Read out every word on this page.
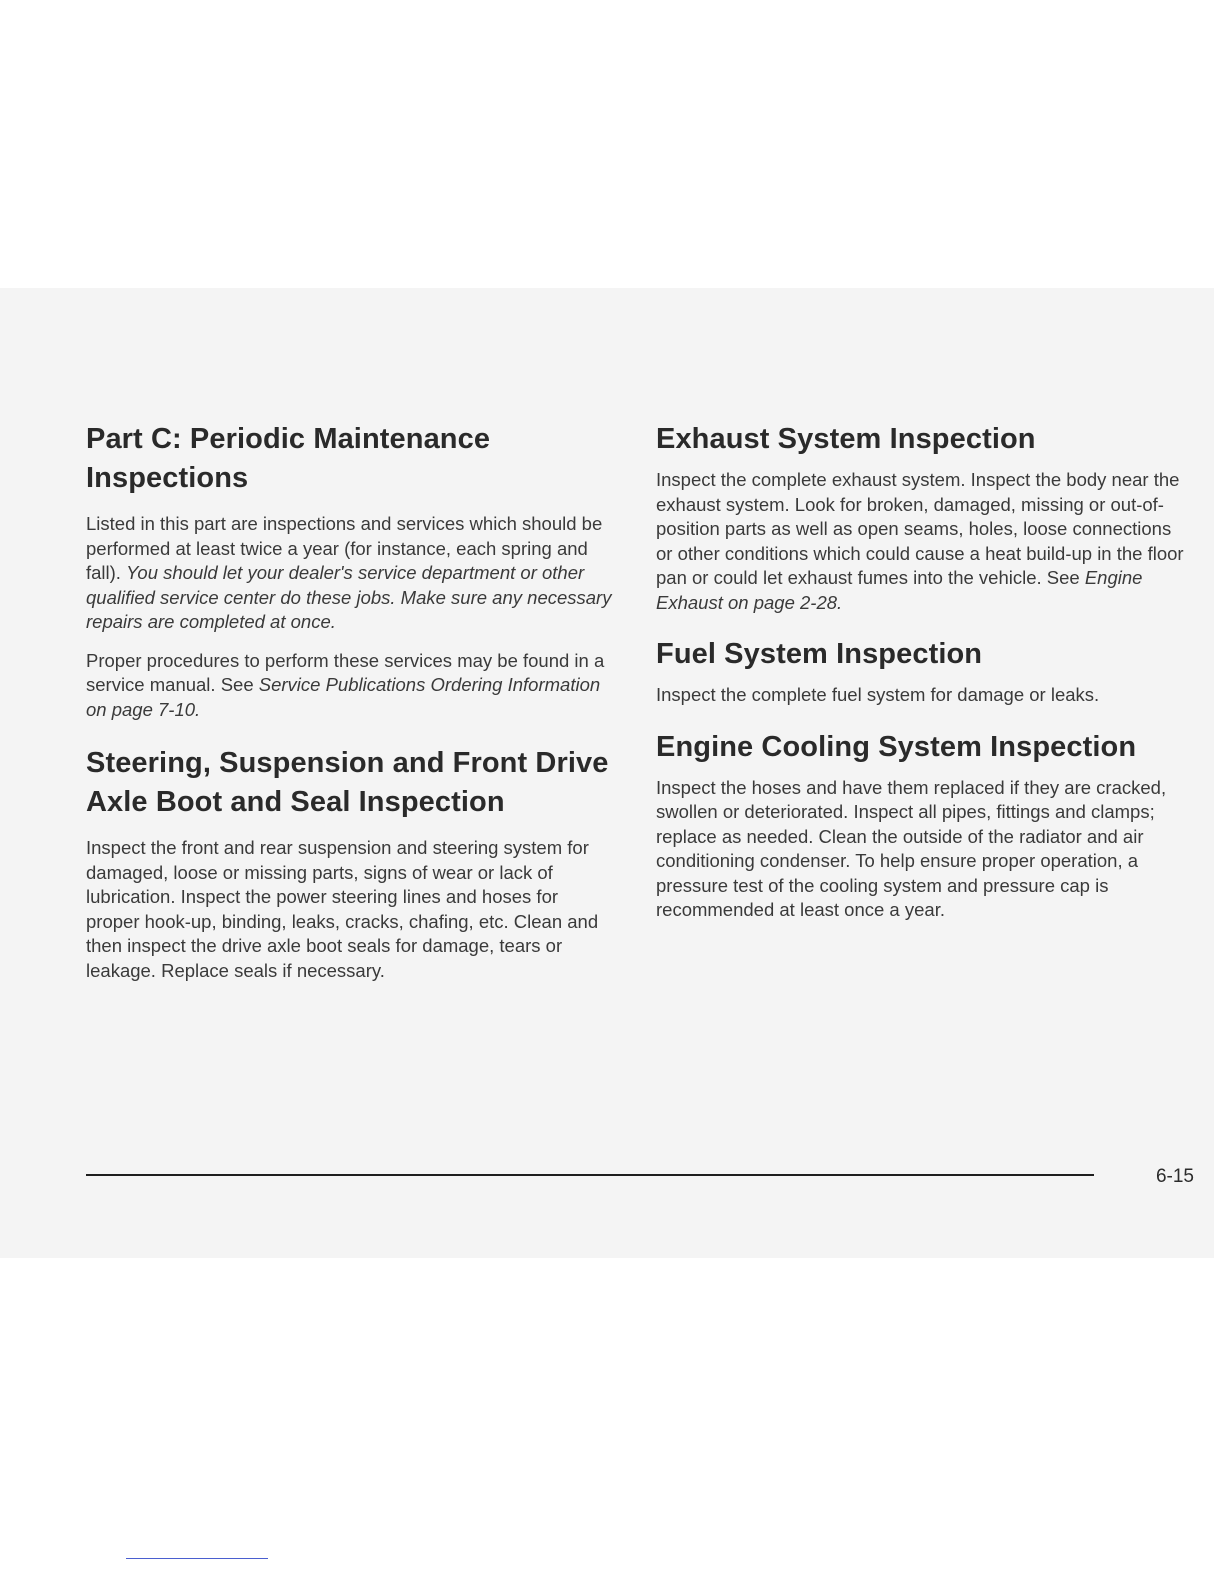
Part C: Periodic Maintenance Inspections

Listed in this part are inspections and services which should be performed at least twice a year (for instance, each spring and fall). You should let your dealer's service department or other qualified service center do these jobs. Make sure any necessary repairs are completed at once.

Proper procedures to perform these services may be found in a service manual. See Service Publications Ordering Information on page 7-10.

Steering, Suspension and Front Drive Axle Boot and Seal Inspection

Inspect the front and rear suspension and steering system for damaged, loose or missing parts, signs of wear or lack of lubrication. Inspect the power steering lines and hoses for proper hook-up, binding, leaks, cracks, chafing, etc. Clean and then inspect the drive axle boot seals for damage, tears or leakage. Replace seals if necessary.

Exhaust System Inspection

Inspect the complete exhaust system. Inspect the body near the exhaust system. Look for broken, damaged, missing or out-of-position parts as well as open seams, holes, loose connections or other conditions which could cause a heat build-up in the floor pan or could let exhaust fumes into the vehicle. See Engine Exhaust on page 2-28.

Fuel System Inspection

Inspect the complete fuel system for damage or leaks.

Engine Cooling System Inspection

Inspect the hoses and have them replaced if they are cracked, swollen or deteriorated. Inspect all pipes, fittings and clamps; replace as needed. Clean the outside of the radiator and air conditioning condenser. To help ensure proper operation, a pressure test of the cooling system and pressure cap is recommended at least once a year.

6-15
